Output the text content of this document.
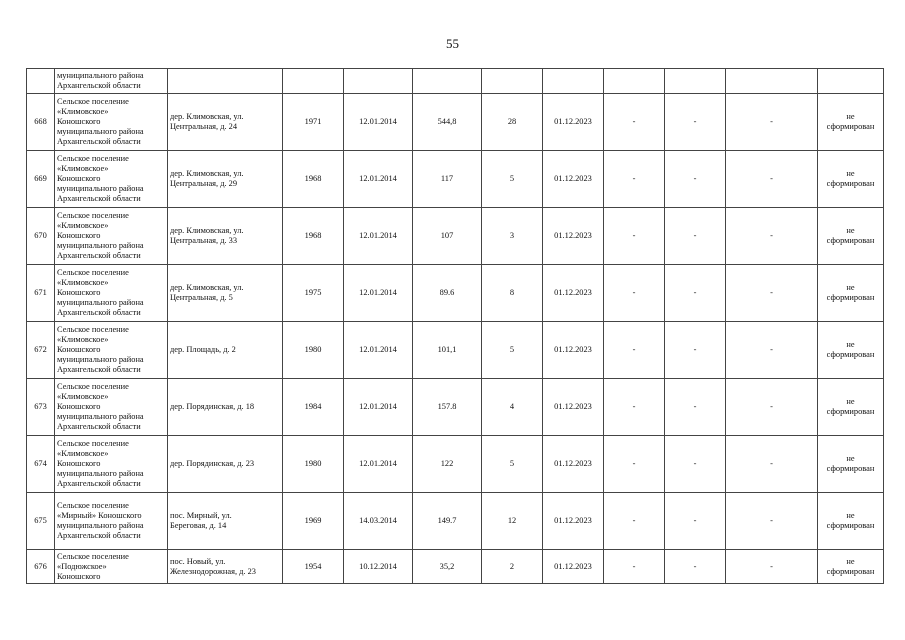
55

	муниципального района
Архангельской области										

668	Сельское поселение
«Климовское»
Коношского
муниципального района
Архангельской области	дер. Климовская, ул.
Центральная, д. 24	1971	12.01.2014	544,8	28	01.12.2023	-	-	-	не
сформирован

669	Сельское поселение
«Климовское»
Коношского
муниципального района
Архангельской области	дер. Климовская, ул.
Центральная, д. 29	1968	12.01.2014	117	5	01.12.2023	-	-	-	не
сформирован

670	Сельское поселение
«Климовское»
Коношского
муниципального района
Архангельской области	дер. Климовская, ул.
Центральная, д. 33	1968	12.01.2014	107	3	01.12.2023	-	-	-	не
сформирован

671	Сельское поселение
«Климовское»
Коношского
муниципального района
Архангельской области	дер. Климовская, ул.
Центральная, д. 5	1975	12.01.2014	89.6	8	01.12.2023	-	-	-	не
сформирован

672	Сельское поселение
«Климовское»
Коношского
муниципального района
Архангельской области	дер. Площадь, д. 2	1980	12.01.2014	101,1	5	01.12.2023	-	-	-	не
сформирован

673	Сельское поселение
«Климовское»
Коношского
муниципального района
Архангельской области	дер. Порядинская, д. 18	1984	12.01.2014	157.8	4	01.12.2023	-	-	-	не
сформирован

674	Сельское поселение
«Климовское»
Коношского
муниципального района
Архангельской области	дер. Порядинская, д. 23	1980	12.01.2014	122	5	01.12.2023	-	-	-	не
сформирован

675	Сельское поселение
«Мирный» Коношского
муниципального района
Архангельской области	пос. Мирный, ул.
Береговая, д. 14	1969	14.03.2014	149.7	12	01.12.2023	-	-	-	не
сформирован

676	Сельское поселение
«Подюжское»
Коношского	пос. Новый, ул.
Железнодорожная, д. 23	1954	10.12.2014	35,2	2	01.12.2023	-	-	-	не
сформирован
